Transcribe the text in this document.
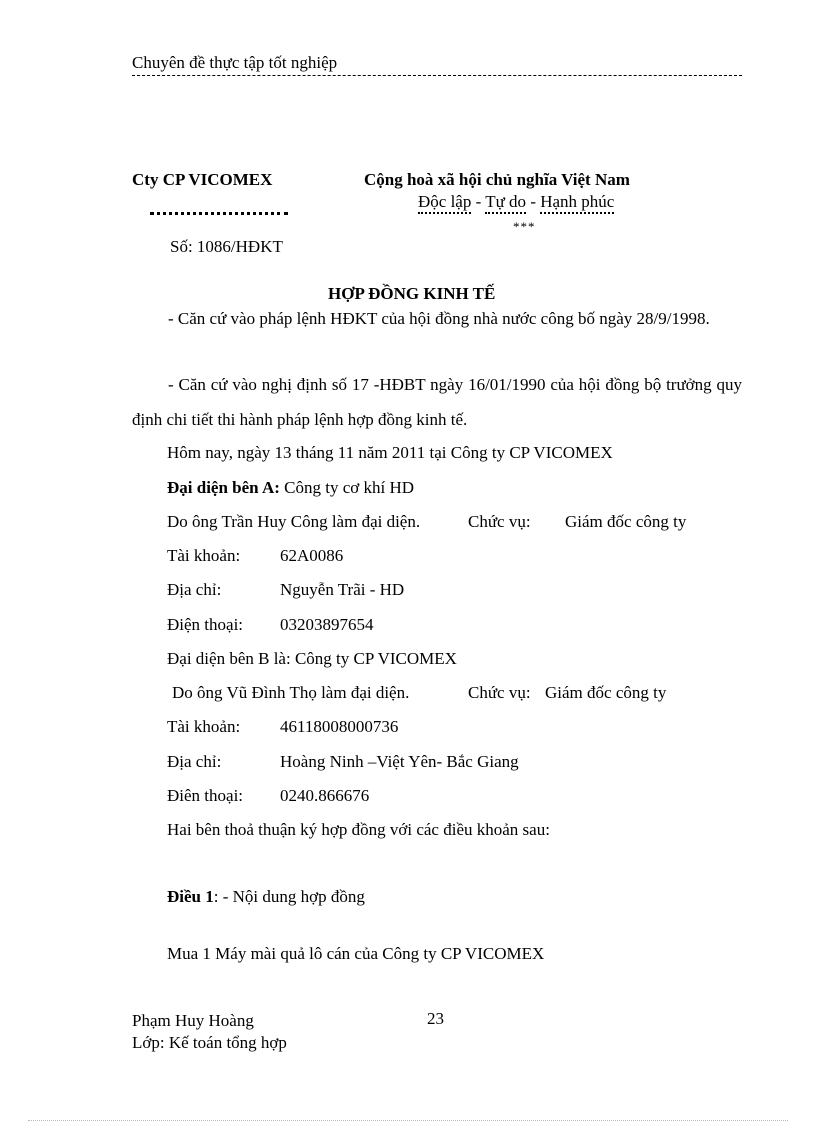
Chuyên đề thực tập tốt nghiệp
Cty CP VICOMEX
Số: 1086/HĐKT
Cộng hoà xã hội chủ nghĩa Việt Nam
Độc lập - Tự do - Hạnh phúc
***
HỢP ĐỒNG KINH TẾ
- Căn cứ vào pháp lệnh HĐKT của hội đồng nhà nước công bố ngày 28/9/1998.
- Căn cứ vào nghị định số 17 -HĐBT ngày 16/01/1990 của hội đồng bộ trưởng quy định chi tiết thi hành pháp lệnh hợp đồng kinh tế.
Hôm nay, ngày 13 tháng 11 năm 2011 tại Công ty CP VICOMEX
Đại diện bên A: Công ty cơ khí HD
Do ông Trần Huy Công làm đại diện.	Chức vụ: Giám đốc công ty
Tài khoản: 62A0086
Địa chỉ:	Nguyễn Trãi - HD
Điện thoại: 03203897654
Đại diện bên B là: Công ty CP VICOMEX
Do ông Vũ Đình Thọ làm đại diện.	Chức vụ: Giám đốc công ty
Tài khoản: 46118008000736
Địa chỉ:	Hoàng Ninh –Việt Yên- Bắc Giang
Điên thoại: 0240.866676
Hai bên thoả thuận ký hợp đồng với các điều khoản sau:
Điều 1: - Nội dung hợp đồng
Mua 1 Máy mài quả lô cán của Công ty CP VICOMEX
Phạm Huy Hoàng	23
Lớp: Kế toán tổng hợp
